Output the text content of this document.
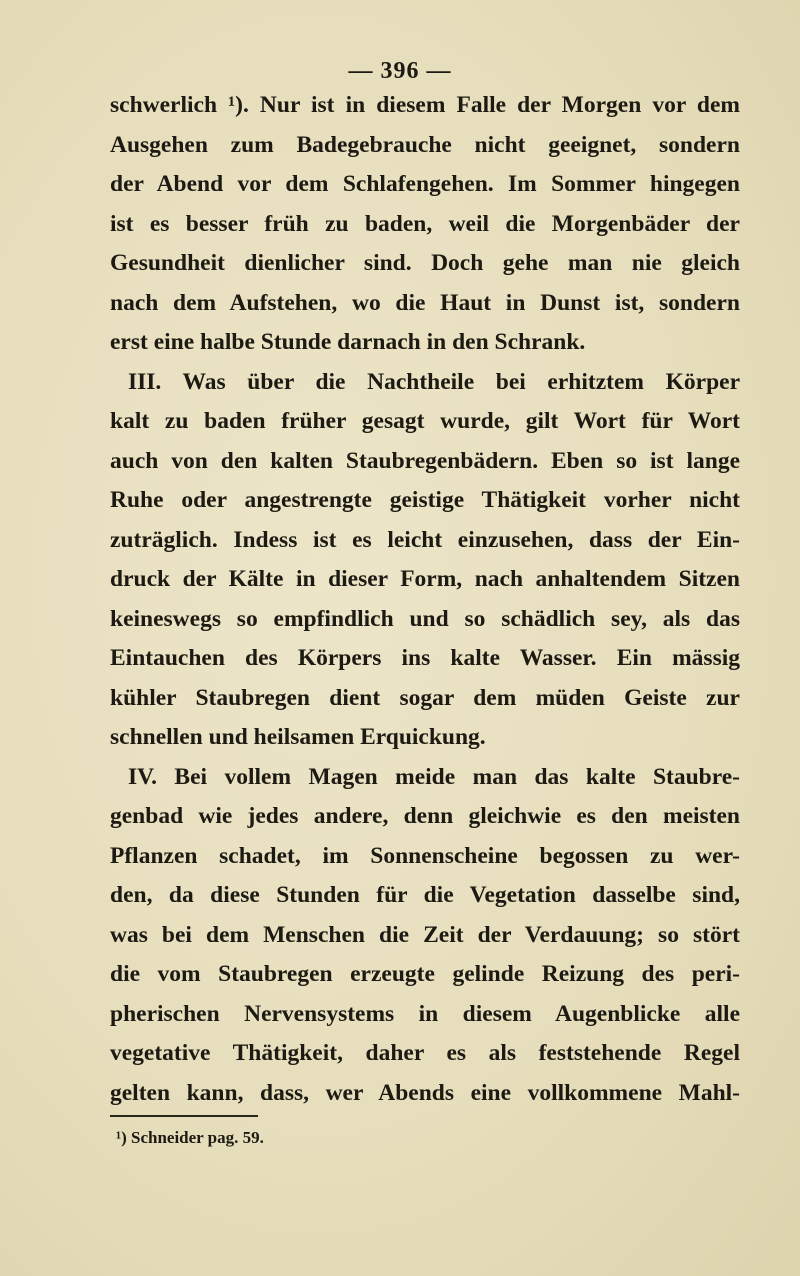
— 396 —
schwerlich ¹). Nur ist in diesem Falle der Morgen vor dem
Ausgehen zum Badegebrauche nicht geeignet, sondern
der Abend vor dem Schlafengehen. Im Sommer hingegen
ist es besser früh zu baden, weil die Morgenbäder der
Gesundheit dienlicher sind. Doch gehe man nie gleich
nach dem Aufstehen, wo die Haut in Dunst ist, sondern
erst eine halbe Stunde darnach in den Schrank.
III. Was über die Nachtheile bei erhitztem Körper
kalt zu baden früher gesagt wurde, gilt Wort für Wort
auch von den kalten Staubregenbädern. Eben so ist lange
Ruhe oder angestrengte geistige Thätigkeit vorher nicht
zuträglich. Indess ist es leicht einzusehen, dass der Ein-
druck der Kälte in dieser Form, nach anhaltendem Sitzen
keineswegs so empfindlich und so schädlich sey, als das
Eintauchen des Körpers ins kalte Wasser. Ein mässig
kühler Staubregen dient sogar dem müden Geiste zur
schnellen und heilsamen Erquickung.
IV. Bei vollem Magen meide man das kalte Staubre-
genbad wie jedes andere, denn gleichwie es den meisten
Pflanzen schadet, im Sonnenscheine begossen zu wer-
den, da diese Stunden für die Vegetation dasselbe sind,
was bei dem Menschen die Zeit der Verdauung; so stört
die vom Staubregen erzeugte gelinde Reizung des peri-
pherischen Nervensystems in diesem Augenblicke alle
vegetative Thätigkeit, daher es als feststehende Regel
gelten kann, dass, wer Abends eine vollkommene Mahl-
¹) Schneider pag. 59.
